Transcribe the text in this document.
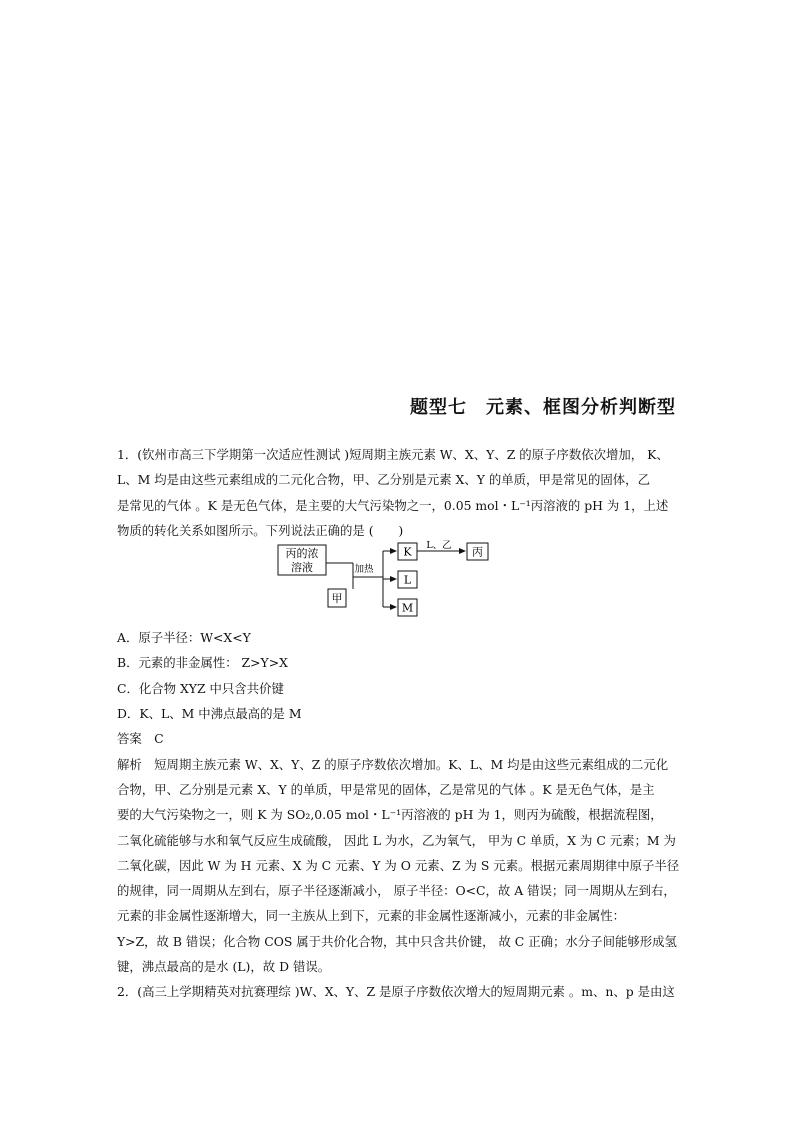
题型七　元素、框图分析判断型
1．(钦州市高三下学期第一次适应性测试 )短周期主族元素 W、X、Y、Z 的原子序数依次增加， K、
L、M 均是由这些元素组成的二元化合物，甲、乙分别是元素 X、Y 的单质，甲是常见的固体，乙
是常见的气体 。K 是无色气体，是主要的大气污染物之一，0.05 mol・L⁻¹丙溶液的 pH 为 1，上述
物质的转化关系如图所示。下列说法正确的是 (　　)
丙的浓
溶液
甲
加热
K
L
M
L、乙 丙
A．原子半径：W<X<Y
B．元素的非金属性： Z>Y>X
C．化合物 XYZ 中只含共价键
D．K、L、M 中沸点最高的是 M
答案　C
解析　短周期主族元素 W、X、Y、Z 的原子序数依次增加。K、L、M 均是由这些元素组成的二元化
合物，甲、乙分别是元素 X、Y 的单质，甲是常见的固体，乙是常见的气体 。K 是无色气体，是主
要的大气污染物之一，则 K 为 SO₂,0.05 mol・L⁻¹丙溶液的 pH 为 1，则丙为硫酸，根据流程图，
二氧化硫能够与水和氧气反应生成硫酸， 因此 L 为水，乙为氧气， 甲为 C 单质，X 为 C 元素；M 为
二氧化碳，因此 W 为 H 元素、X 为 C 元素、Y 为 O 元素、Z 为 S 元素。根据元素周期律中原子半径
的规律，同一周期从左到右，原子半径逐渐减小， 原子半径：O<C，故 A 错误；同一周期从左到右，
元素的非金属性逐渐增大，同一主族从上到下，元素的非金属性逐渐减小，元素的非金属性：
Y>Z，故 B 错误；化合物 COS 属于共价化合物，其中只含共价键， 故 C 正确；水分子间能够形成氢
键，沸点最高的是水 (L)，故 D 错误。
2．(高三上学期精英对抗赛理综 )W、X、Y、Z 是原子序数依次增大的短周期元素 。m、n、p 是由这
